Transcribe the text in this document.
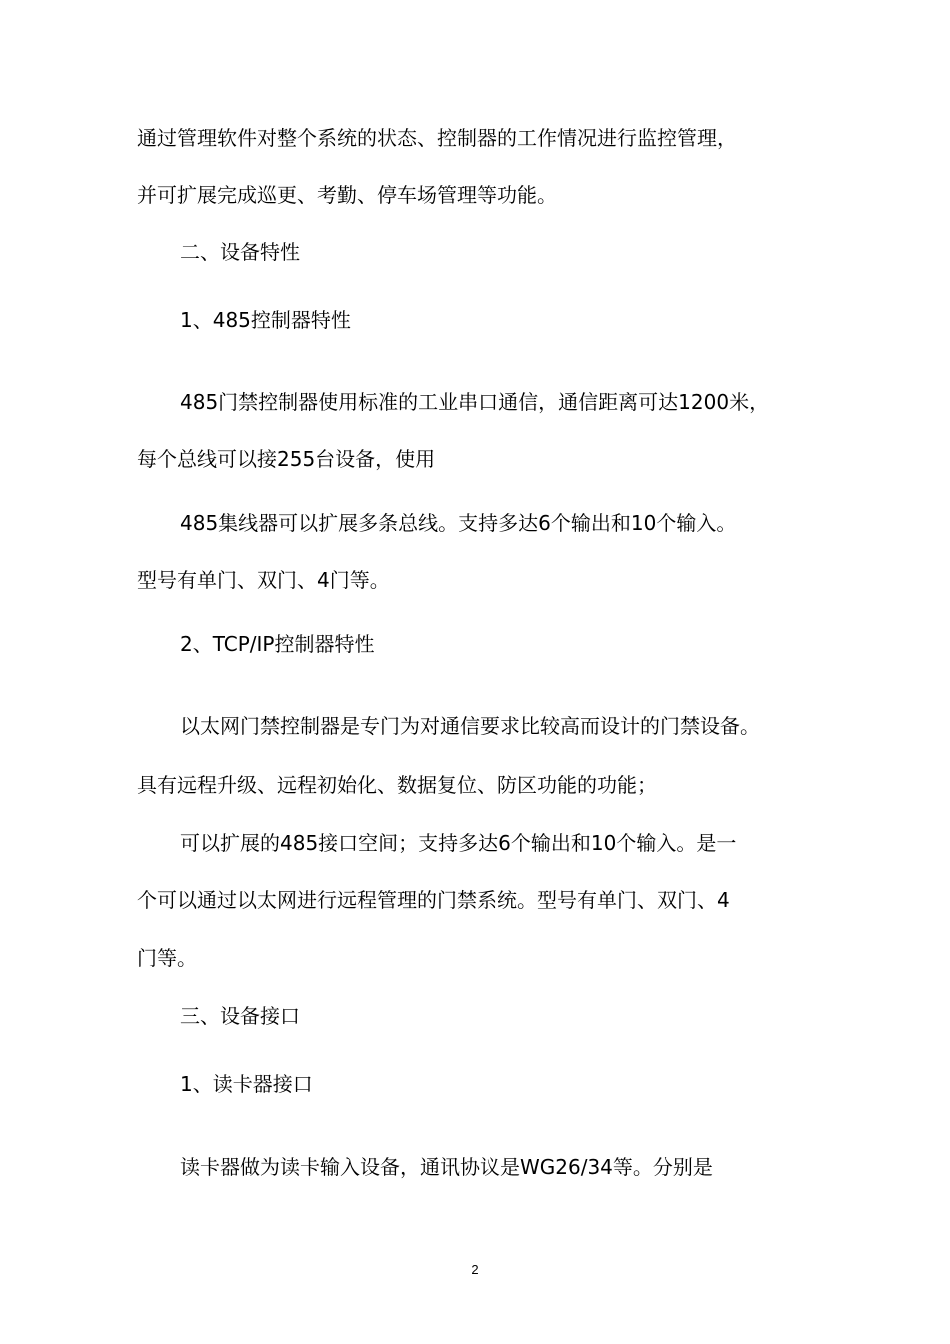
通过管理软件对整个系统的状态、控制器的工作情况进行监控管理，
并可扩展完成巡更、考勤、停车场管理等功能。
二、设备特性
1、485控制器特性
485门禁控制器使用标准的工业串口通信，通信距离可达1200米，
每个总线可以接255台设备，使用
485集线器可以扩展多条总线。支持多达6个输出和10个输入。
型号有单门、双门、4门等。
2、TCP/IP控制器特性
以太网门禁控制器是专门为对通信要求比较高而设计的门禁设备。
具有远程升级、远程初始化、数据复位、防区功能的功能；
可以扩展的485接口空间；支持多达6个输出和10个输入。是一
个可以通过以太网进行远程管理的门禁系统。型号有单门、双门、4
门等。
三、设备接口
1、读卡器接口
读卡器做为读卡输入设备，通讯协议是WG26/34等。分别是
2
